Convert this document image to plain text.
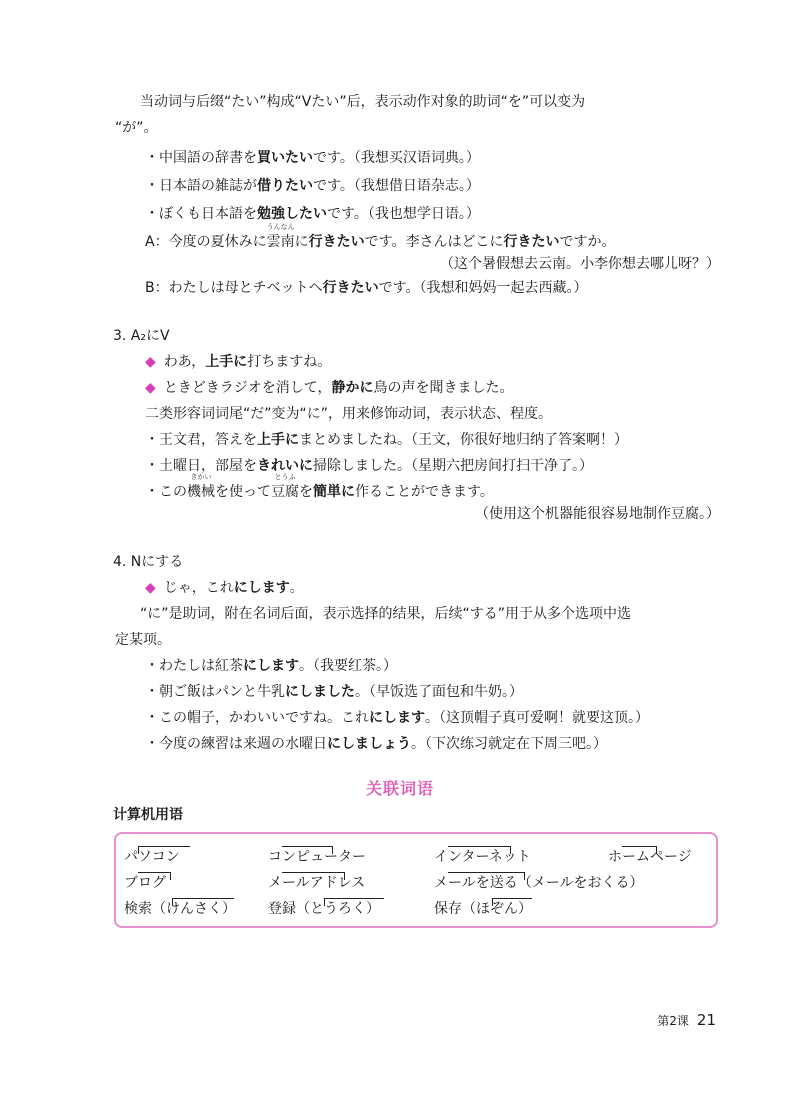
当动词与后缀“たい”构成“Vたい”后，表示动作对象的助词“を”可以变为
“が”。
・中国語の辞書を買いたいです。（我想买汉语词典。）
・日本語の雑誌が借りたいです。（我想借日语杂志。）
・ぼくも日本語を勉強したいです。（我也想学日语。）
A：今度の夏休みに
うんなん
雲南に行きたいです。李さんはどこに行きたいですか。
（这个暑假想去云南。小李你想去哪儿呀？）
B：わたしは母とチベットへ行きたいです。（我想和妈妈一起去西藏。）
3. A₂にV
◆ わあ，上手に打ちますね。
◆ ときどきラジオを消して，静かに鳥の声を聞きました。
二类形容词词尾“だ”变为“に”，用来修饰动词，表示状态、程度。
・王文君，答えを上手にまとめましたね。（王文，你很好地归纳了答案啊！）
・土曜日，部屋をきれいに掃除しました。（星期六把房间打扫干净了。）
・この
きかい
機械を使って
とうふ
豆腐を簡単に作ることができます。
（使用这个机器能很容易地制作豆腐。）
4. Nにする
◆ じゃ，これにします。
“に”是助词，附在名词后面，表示选择的结果，后续“する”用于从多个选项中选
定某项。
・わたしは紅茶にします。（我要红茶。）
・朝ご飯はパンと牛乳にしました。（早饭选了面包和牛奶。）
・この帽子，かわいいですね。これにします。（这顶帽子真可爱啊！就要这顶。）
・今度の練習は来週の水曜日にしましょう。（下次练习就定在下周三吧。）
关联词语
计算机用语
パソコン	コンピューター	インターネット	ホームページ
ブログ	メールアドレス	メールを送る（メールをおくる）
検索（けんさく） 登録（とうろく）	保存（ほぞん）
第2课 21
